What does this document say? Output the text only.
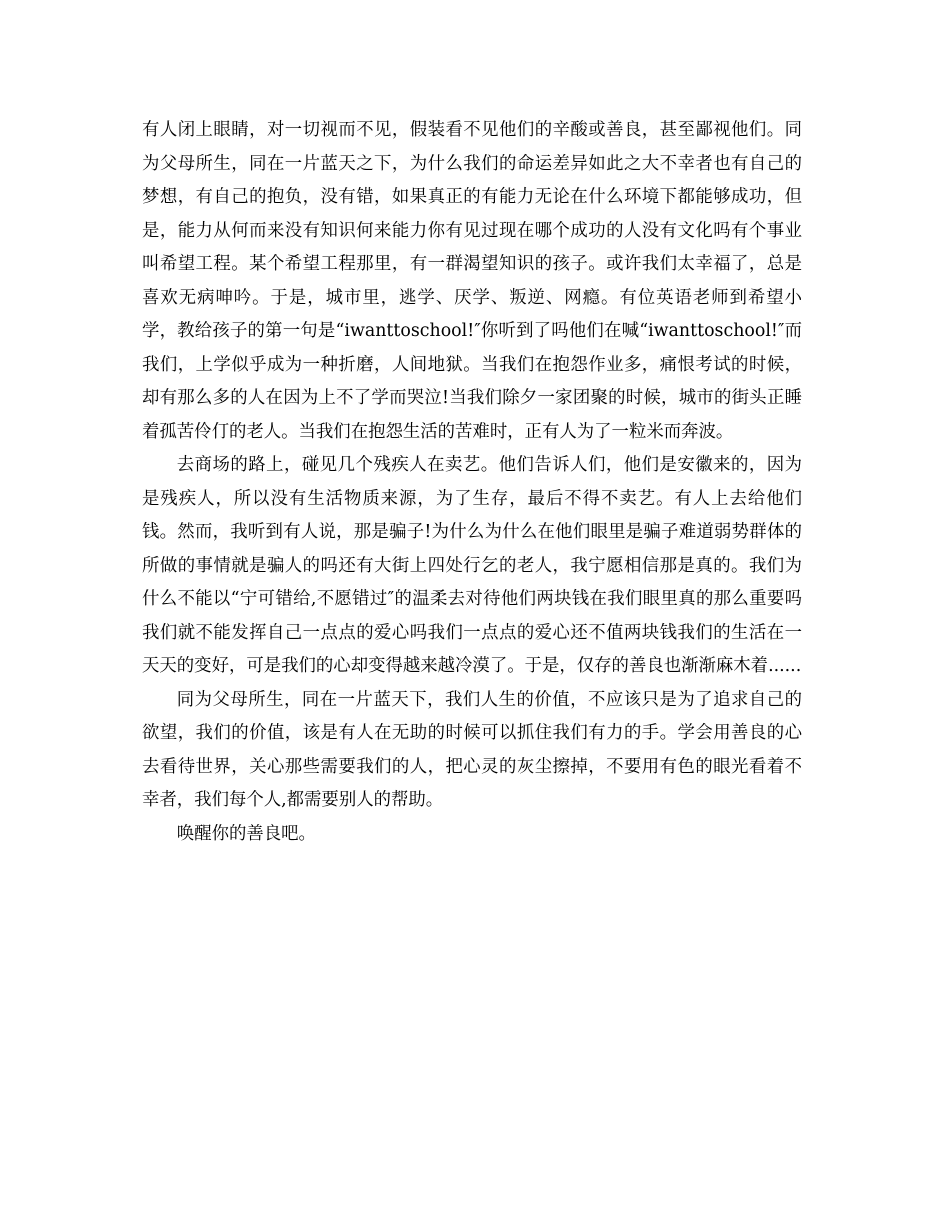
有人闭上眼睛，对一切视而不见，假装看不见他们的辛酸或善良，甚至鄙视他们。同为父母所生，同在一片蓝天之下，为什么我们的命运差异如此之大不幸者也有自己的梦想，有自己的抱负，没有错，如果真正的有能力无论在什么环境下都能够成功，但是，能力从何而来没有知识何来能力你有见过现在哪个成功的人没有文化吗有个事业叫希望工程。某个希望工程那里，有一群渴望知识的孩子。或许我们太幸福了，总是喜欢无病呻吟。于是，城市里，逃学、厌学、叛逆、网瘾。有位英语老师到希望小学，教给孩子的第一句是“iwanttoschool!″你听到了吗他们在喊“iwanttoschool!″而我们，上学似乎成为一种折磨，人间地狱。当我们在抱怨作业多，痛恨考试的时候，却有那么多的人在因为上不了学而哭泣!当我们除夕一家团聚的时候，城市的街头正睡着孤苦伶仃的老人。当我们在抱怨生活的苦难时，正有人为了一粒米而奔波。

去商场的路上，碰见几个残疾人在卖艺。他们告诉人们，他们是安徽来的，因为是残疾人，所以没有生活物质来源，为了生存，最后不得不卖艺。有人上去给他们钱。然而，我听到有人说，那是骗子!为什么为什么在他们眼里是骗子难道弱势群体的所做的事情就是骗人的吗还有大街上四处行乞的老人，我宁愿相信那是真的。我们为什么不能以“宁可错给,不愿错过″的温柔去对待他们两块钱在我们眼里真的那么重要吗我们就不能发挥自己一点点的爱心吗我们一点点的爱心还不值两块钱我们的生活在一天天的变好，可是我们的心却变得越来越冷漠了。于是，仅存的善良也渐渐麻木着......

同为父母所生，同在一片蓝天下，我们人生的价值，不应该只是为了追求自己的欲望，我们的价值，该是有人在无助的时候可以抓住我们有力的手。学会用善良的心去看待世界，关心那些需要我们的人，把心灵的灰尘擦掉，不要用有色的眼光看着不幸者，我们每个人,都需要别人的帮助。

唤醒你的善良吧。
